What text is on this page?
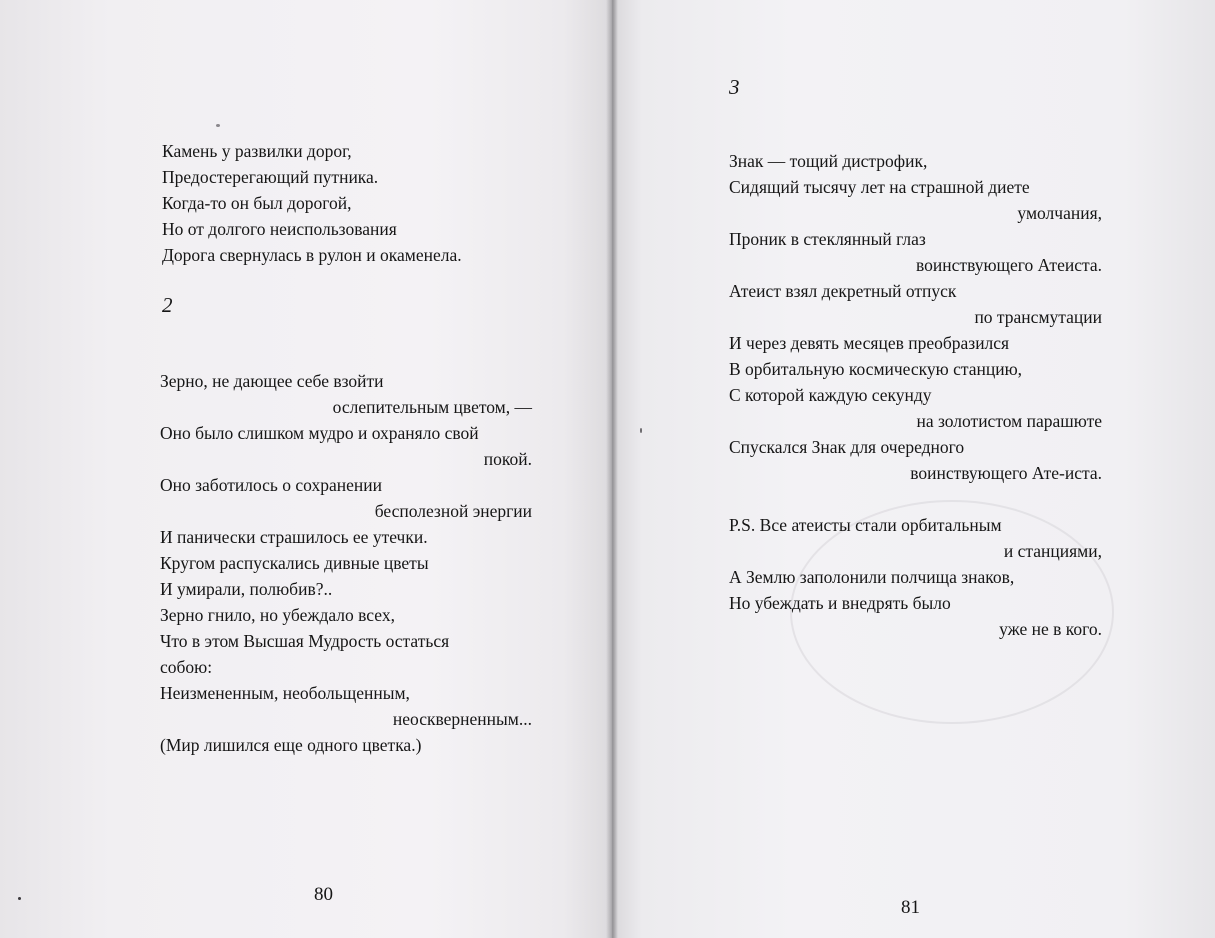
Камень у развилки дорог,
Предостерегающий путника.
Когда-то он был дорогой,
Но от долгого неиспользования
Дорога свернулась в рулон и окаменела.
2
Зерно, не дающее себе взойти
ослепительным цветом, —
Оно было слишком мудро и охраняло свой
покой.
Оно заботилось о сохранении
бесполезной энергии
И панически страшилось ее утечки.
Кругом распускались дивные цветы
И умирали, полюбив?..
Зерно гнило, но убеждало всех,
Что в этом Высшая Мудрость остаться
собою:
Неизмененным, необольщенным,
неоскверненным...
(Мир лишился еще одного цветка.)
80
3
Знак — тощий дистрофик,
Сидящий тысячу лет на страшной диете
умолчания,
Проник в стеклянный глаз
воинствующего Атеиста.
Атеист взял декретный отпуск
по трансмутации
И через девять месяцев преобразился
В орбитальную космическую станцию,
С которой каждую секунду
на золотистом парашюте
Спускался Знак для очередного
воинствующего Ате-иста.
P.S. Все атеисты стали орбитальным
и станциями,
А Землю заполонили полчища знаков,
Но убеждать и внедрять было
уже не в кого.
81
